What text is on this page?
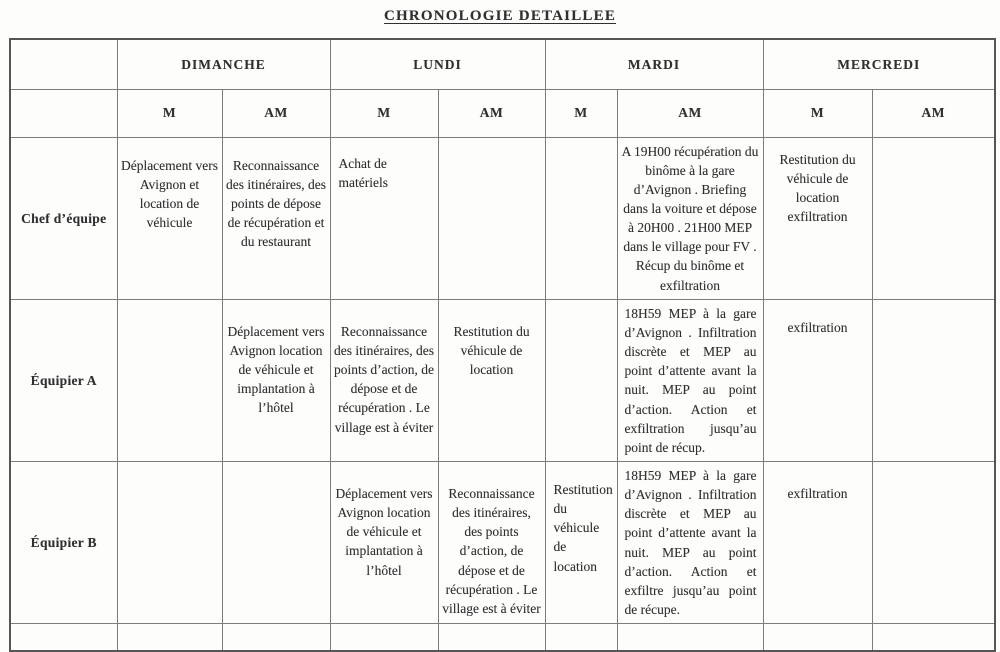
CHRONOLOGIE DETAILLEE
	DIMANCHE		LUNDI		MARDI		MERCREDI	
	M	AM	M	AM	M	AM	M	AM
Chef d’équipe	Déplacement vers Avignon et location de véhicule	Reconnaissance des itinéraires, des points de dépose de récupération et du restaurant	Achat de matériels			A 19H00 récupération du binôme à la gare d’Avignon . Briefing dans la voiture et dépose à 20H00 . 21H00 MEP dans le village pour FV . Récup du binôme et exfiltration	Restitution du véhicule de location exfiltration	
Équipier A		Déplacement vers Avignon location de véhicule et implantation à l’hôtel	Reconnaissance des itinéraires, des points d’action, de dépose et de récupération . Le village est à éviter	Restitution du véhicule de location		18H59 MEP à la gare d’Avignon . Infiltration discrète et MEP au point d’attente avant la nuit. MEP au point d’action. Action et exfiltration jusqu’au point de récup.	exfiltration	
Équipier B			Déplacement vers Avignon location de véhicule et implantation à l’hôtel	Reconnaissance des itinéraires, des points d’action, de dépose et de récupération . Le village est à éviter	Restitution du véhicule de location	18H59 MEP à la gare d’Avignon . Infiltration discrète et MEP au point d’attente avant la nuit. MEP au point d’action. Action et exfiltre jusqu’au point de récupe.	exfiltration	
